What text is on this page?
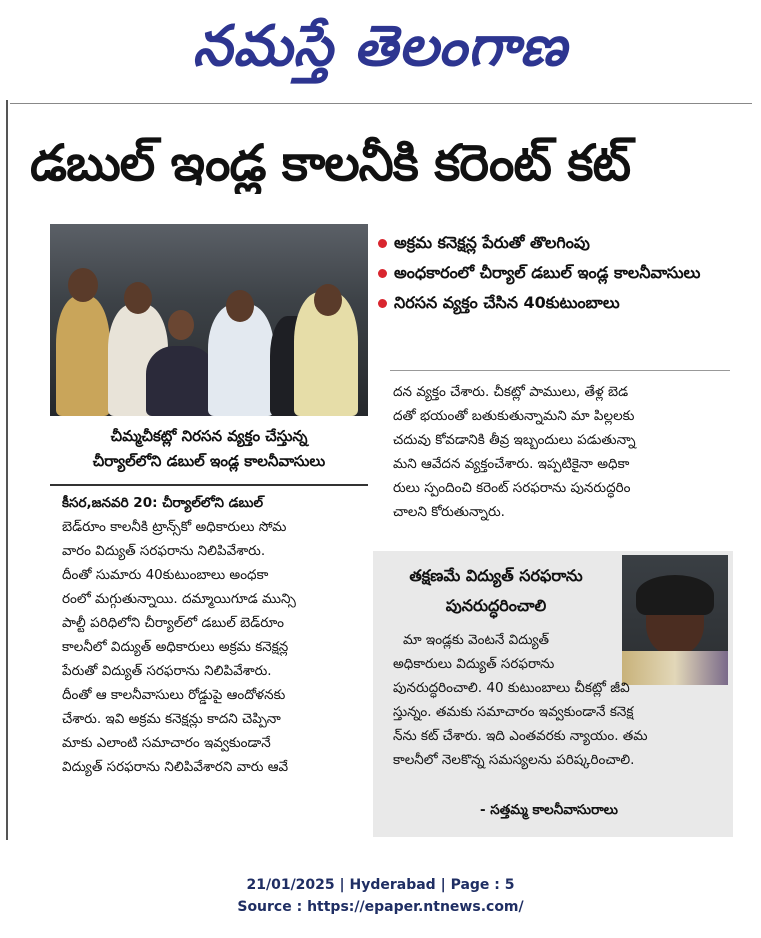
నమస్తే తెలంగాణ
డబుల్ ఇండ్ల కాలనీకి కరెంట్ కట్
చీమ్మచీకట్లో నిరసన వ్యక్తం చేస్తున్న
చీర్యాల్‌లోని డబుల్ ఇండ్ల కాలనీవాసులు
అక్రమ కనెక్షన్ల పేరుతో తొలగింపు
అంధకారంలో చీర్యాల్ డబుల్ ఇండ్ల కాలనీవాసులు
నిరసన వ్యక్తం చేసిన 40కుటుంబాలు

కీసర,జనవరి 20: చీర్యాల్‌లోని డబుల్

బెడ్‌రూం కాలనీకి ట్రాన్స్‌కో అధికారులు సోమ

వారం విద్యుత్ సరఫరాను నిలిపివేశారు.

దీంతో సుమారు 40కుటుంబాలు అంధకా

రంలో మగ్గుతున్నాయి. దమ్మాయిగూడ మున్సి

పాల్టీ పరిధిలోని చీర్యాల్‌లో డబుల్ బెడ్‌రూం

కాలనీలో విద్యుత్ అధికారులు అక్రమ కనెక్షన్ల

పేరుతో విద్యుత్ సరఫరాను నిలిపివేశారు.

దీంతో ఆ కాలనీవాసులు రోడ్డుపై ఆందోళనకు

చేశారు. ఇవి అక్రమ కనెక్షన్లు కాదని చెప్పినా

మాకు ఎలాంటి సమాచారం ఇవ్వకుండానే

విద్యుత్ సరఫరాను నిలిపివేశారని వారు ఆవే

దన వ్యక్తం చేశారు. చీకట్లో పాములు, తేళ్ల బెడ

దతో భయంతో బతుకుతున్నామని మా పిల్లలకు

చదువు కోవడానికి తీవ్ర ఇబ్బందులు పడుతున్నా

మని ఆవేదన వ్యక్తంచేశారు. ఇప్పటికైనా అధికా

రులు స్పందించి కరెంట్ సరఫరాను పునరుద్ధరిం

చాలని కోరుతున్నారు.

తక్షణమే విద్యుత్ సరఫరాను
పునరుద్ధరించాలి

మా ఇండ్లకు వెంటనే విద్యుత్

అధికారులు విద్యుత్ సరఫరాను

పునరుద్ధరించాలి. 40 కుటుంబాలు చీకట్లో జీవి

స్తున్నం. తమకు సమాచారం ఇవ్వకుండానే కనెక్ష

న్‌ను కట్ చేశారు. ఇది ఎంతవరకు న్యాయం. తమ

కాలనీలో నెలకొన్న సమస్యలను పరిష్కరించాలి.

- సత్తమ్మ కాలనీవాసురాలు
21/01/2025 | Hyderabad | Page : 5
Source : https://epaper.ntnews.com/
